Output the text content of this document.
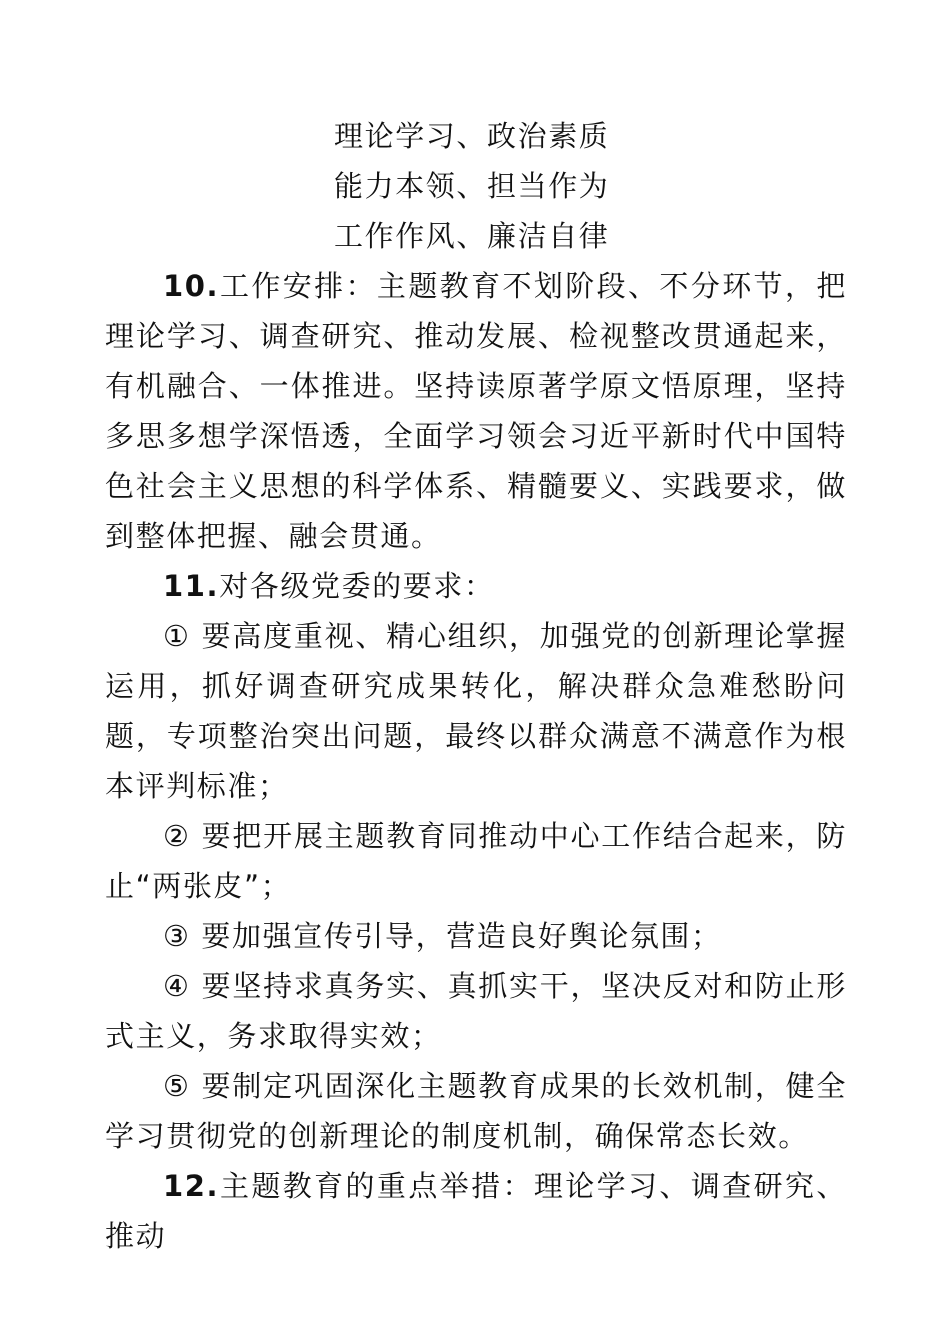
理论学习、政治素质
能力本领、担当作为
工作作风、廉洁自律

10.工作安排：主题教育不划阶段、不分环节，把理论学习、调查研究、推动发展、检视整改贯通起来，有机融合、一体推进。坚持读原著学原文悟原理，坚持多思多想学深悟透，全面学习领会习近平新时代中国特色社会主义思想的科学体系、精髓要义、实践要求，做到整体把握、融会贯通。

11.对各级党委的要求：

① 要高度重视、精心组织，加强党的创新理论掌握运用，抓好调查研究成果转化，解决群众急难愁盼问题，专项整治突出问题，最终以群众满意不满意作为根本评判标准；

② 要把开展主题教育同推动中心工作结合起来，防止“两张皮”；

③ 要加强宣传引导，营造良好舆论氛围；

④ 要坚持求真务实、真抓实干，坚决反对和防止形式主义，务求取得实效；

⑤ 要制定巩固深化主题教育成果的长效机制，健全学习贯彻党的创新理论的制度机制，确保常态长效。

12.主题教育的重点举措：理论学习、调查研究、推动
